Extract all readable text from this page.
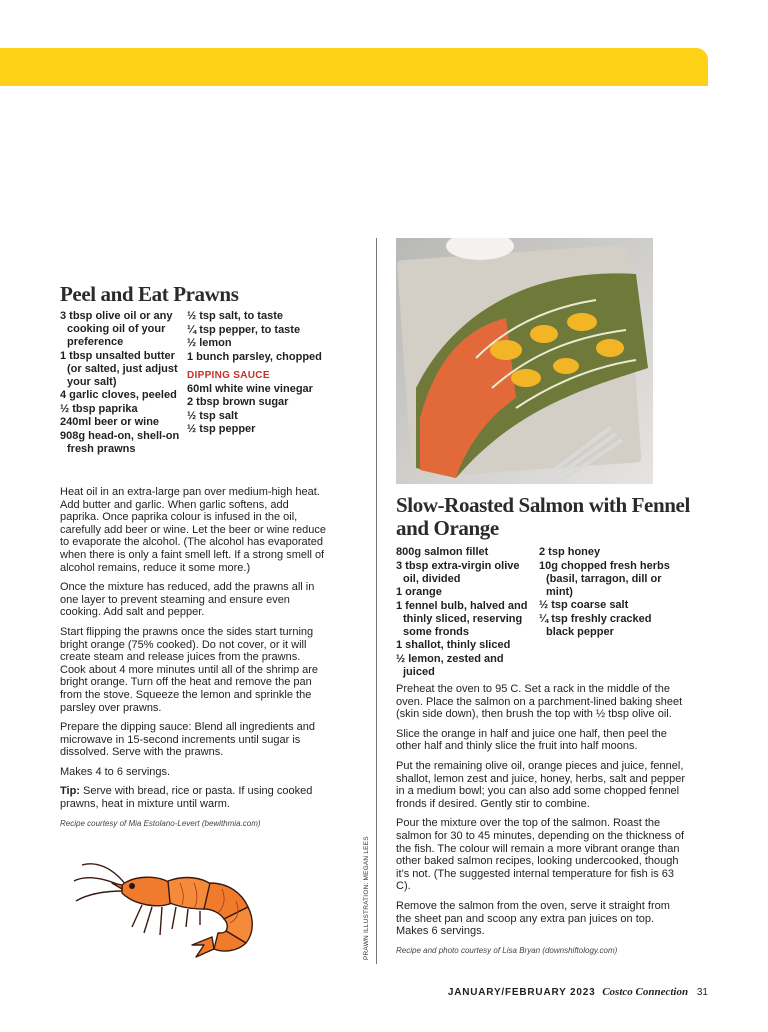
Peel and Eat Prawns
3 tbsp olive oil or any cooking oil of your preference
1 tbsp unsalted butter (or salted, just adjust your salt)
4 garlic cloves, peeled
½ tbsp paprika
240ml beer or wine
908g head-on, shell-on fresh prawns
½ tsp salt, to taste
¼ tsp pepper, to taste
½ lemon
1 bunch parsley, chopped
DIPPING SAUCE
60ml white wine vinegar
2 tbsp brown sugar
½ tsp salt
½ tsp pepper

Heat oil in an extra-large pan over medium-high heat. Add butter and garlic. When garlic softens, add paprika. Once paprika colour is infused in the oil, carefully add beer or wine. Let the beer or wine reduce to evaporate the alcohol. (The alcohol has evaporated when there is only a faint smell left. If a strong smell of alcohol remains, reduce it some more.)

Once the mixture has reduced, add the prawns all in one layer to prevent steaming and ensure even cooking. Add salt and pepper.

Start flipping the prawns once the sides start turning bright orange (75% cooked). Do not cover, or it will create steam and release juices from the prawns. Cook about 4 more minutes until all of the shrimp are bright orange. Turn off the heat and remove the pan from the stove. Squeeze the lemon and sprinkle the parsley over prawns.

Prepare the dipping sauce: Blend all ingredients and microwave in 15-second increments until sugar is dissolved. Serve with the prawns.

Makes 4 to 6 servings.

Tip: Serve with bread, rice or pasta. If using cooked prawns, heat in mixture until warm.

Recipe courtesy of Mia Estolano-Levert (bewithmia.com)

PRAWN ILLUSTRATION: MEGAN LEES
Slow-Roasted Salmon with Fennel and Orange
800g salmon fillet
3 tbsp extra-virgin olive oil, divided
1 orange
1 fennel bulb, halved and thinly sliced, reserving some fronds
1 shallot, thinly sliced
½ lemon, zested and juiced
2 tsp honey
10g chopped fresh herbs (basil, tarragon, dill or mint)
½ tsp coarse salt
¼ tsp freshly cracked black pepper

Preheat the oven to 95 C. Set a rack in the middle of the oven. Place the salmon on a parchment-lined baking sheet (skin side down), then brush the top with ½ tbsp olive oil.

Slice the orange in half and juice one half, then peel the other half and thinly slice the fruit into half moons.

Put the remaining olive oil, orange pieces and juice, fennel, shallot, lemon zest and juice, honey, herbs, salt and pepper in a medium bowl; you can also add some chopped fennel fronds if desired. Gently stir to combine.

Pour the mixture over the top of the salmon. Roast the salmon for 30 to 45 minutes, depending on the thickness of the fish. The colour will remain a more vibrant orange than other baked salmon recipes, looking undercooked, though it’s not. (The suggested internal temperature for fish is 63 C).

Remove the salmon from the oven, serve it straight from the sheet pan and scoop any extra pan juices on top. Makes 6 servings.

Recipe and photo courtesy of Lisa Bryan (downshiftology.com)

JANUARY/FEBRUARY 2023 Costco Connection 31
